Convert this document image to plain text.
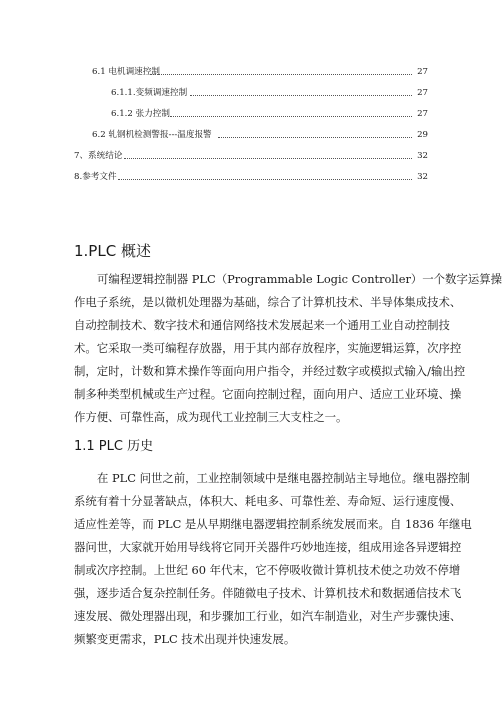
6.1 电机调速控制	27
6.1.1.变频调速控制	27
6.1.2 张力控制	27
6.2 轧钢机检测警报---温度报警	29
7、系统结论	32
8.参考文件	32
1.PLC 概述
可编程逻辑控制器 PLC（Programmable Logic Controller）一个数字运算操
作电子系统，是以微机处理器为基础，综合了计算机技术、半导体集成技术、
自动控制技术、数字技术和通信网络技术发展起来一个通用工业自动控制技
术。它采取一类可编程存放器，用于其内部存放程序，实施逻辑运算，次序控
制，定时，计数和算术操作等面向用户指令，并经过数字或模拟式输入/输出控
制多种类型机械或生产过程。它面向控制过程，面向用户、适应工业环境、操
作方便、可靠性高，成为现代工业控制三大支柱之一。
1.1 PLC 历史
在 PLC 问世之前，工业控制领域中是继电器控制站主导地位。继电器控制
系统有着十分显著缺点，体积大、耗电多、可靠性差、寿命短、运行速度慢、
适应性差等，而 PLC 是从早期继电器逻辑控制系统发展而来。自 1836 年继电
器问世，大家就开始用导线将它同开关器件巧妙地连接，组成用途各异逻辑控
制或次序控制。上世纪 60 年代末，它不停吸收微计算机技术使之功效不停增
强，逐步适合复杂控制任务。伴随微电子技术、计算机技术和数据通信技术飞
速发展、微处理器出现，和步骤加工行业，如汽车制造业，对生产步骤快速、
频繁变更需求，PLC 技术出现并快速发展。
